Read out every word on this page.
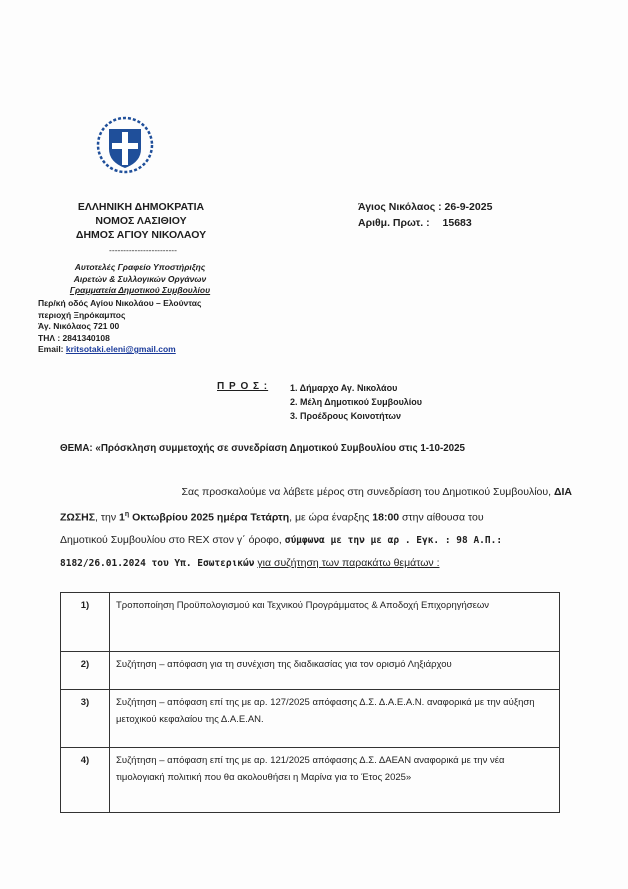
ΕΛΛΗΝΙΚΗ ΔΗΜΟΚΡΑΤΙΑ
ΝΟΜΟΣ ΛΑΣΙΘΙΟΥ
ΔΗΜΟΣ ΑΓΙΟΥ ΝΙΚΟΛΑΟΥ
------------------------
Αυτοτελές Γραφείο Υποστήριξης
Αιρετών & Συλλογικών Οργάνων
Γραμματεία Δημοτικού Συμβουλίου
Περ/κή οδός Αγίου Νικολάου – Ελούντας
περιοχή Ξηρόκαμπος
Άγ. Νικόλαος 721 00
ΤΗΛ : 2841340108
Email: kritsotaki.eleni@gmail.com
Άγιος Νικόλαος : 26-9-2025
Αριθμ. Πρωτ. : 15683
Π Ρ Ο Σ : 1. Δήμαρχο Αγ. Νικολάου
2. Μέλη Δημοτικού Συμβουλίου
3. Προέδρους Κοινοτήτων
ΘΕΜΑ: «Πρόσκληση συμμετοχής σε συνεδρίαση Δημοτικού Συμβουλίου στις 1-10-2025
Σας προσκαλούμε να λάβετε μέρος στη συνεδρίαση του Δημοτικού Συμβουλίου, ΔΙΑ
ΖΩΣΗΣ, την $1^\eta$ Οκτωβρίου 2025 ημέρα Τετάρτη, με ώρα έναρξης 18:00 στην αίθουσα του
Δημοτικού Συμβουλίου στο REX στον γ΄ όροφο, σύμφωνα με την με αρ . Εγκ. : 98 Α.Π.:
8182/26.01.2024 του Υπ. Εσωτερικών για συζήτηση των παρακάτω θεμάτων :
1)	Τροποποίηση Προϋπολογισμού και Τεχνικού Προγράμματος & Αποδοχή Επιχορηγήσεων
2)	Συζήτηση – απόφαση για τη συνέχιση της διαδικασίας για τον ορισμό Ληξιάρχου
3)	Συζήτηση – απόφαση επί της με αρ. 127/2025 απόφασης Δ.Σ. Δ.Α.Ε.Α.Ν. αναφορικά με την αύξηση μετοχικού κεφαλαίου της Δ.Α.Ε.ΑΝ.
4)	Συζήτηση – απόφαση επί της με αρ. 121/2025 απόφασης Δ.Σ. ΔΑΕΑΝ αναφορικά με την νέα τιμολογιακή πολιτική που θα ακολουθήσει η Μαρίνα για το Έτος 2025»
